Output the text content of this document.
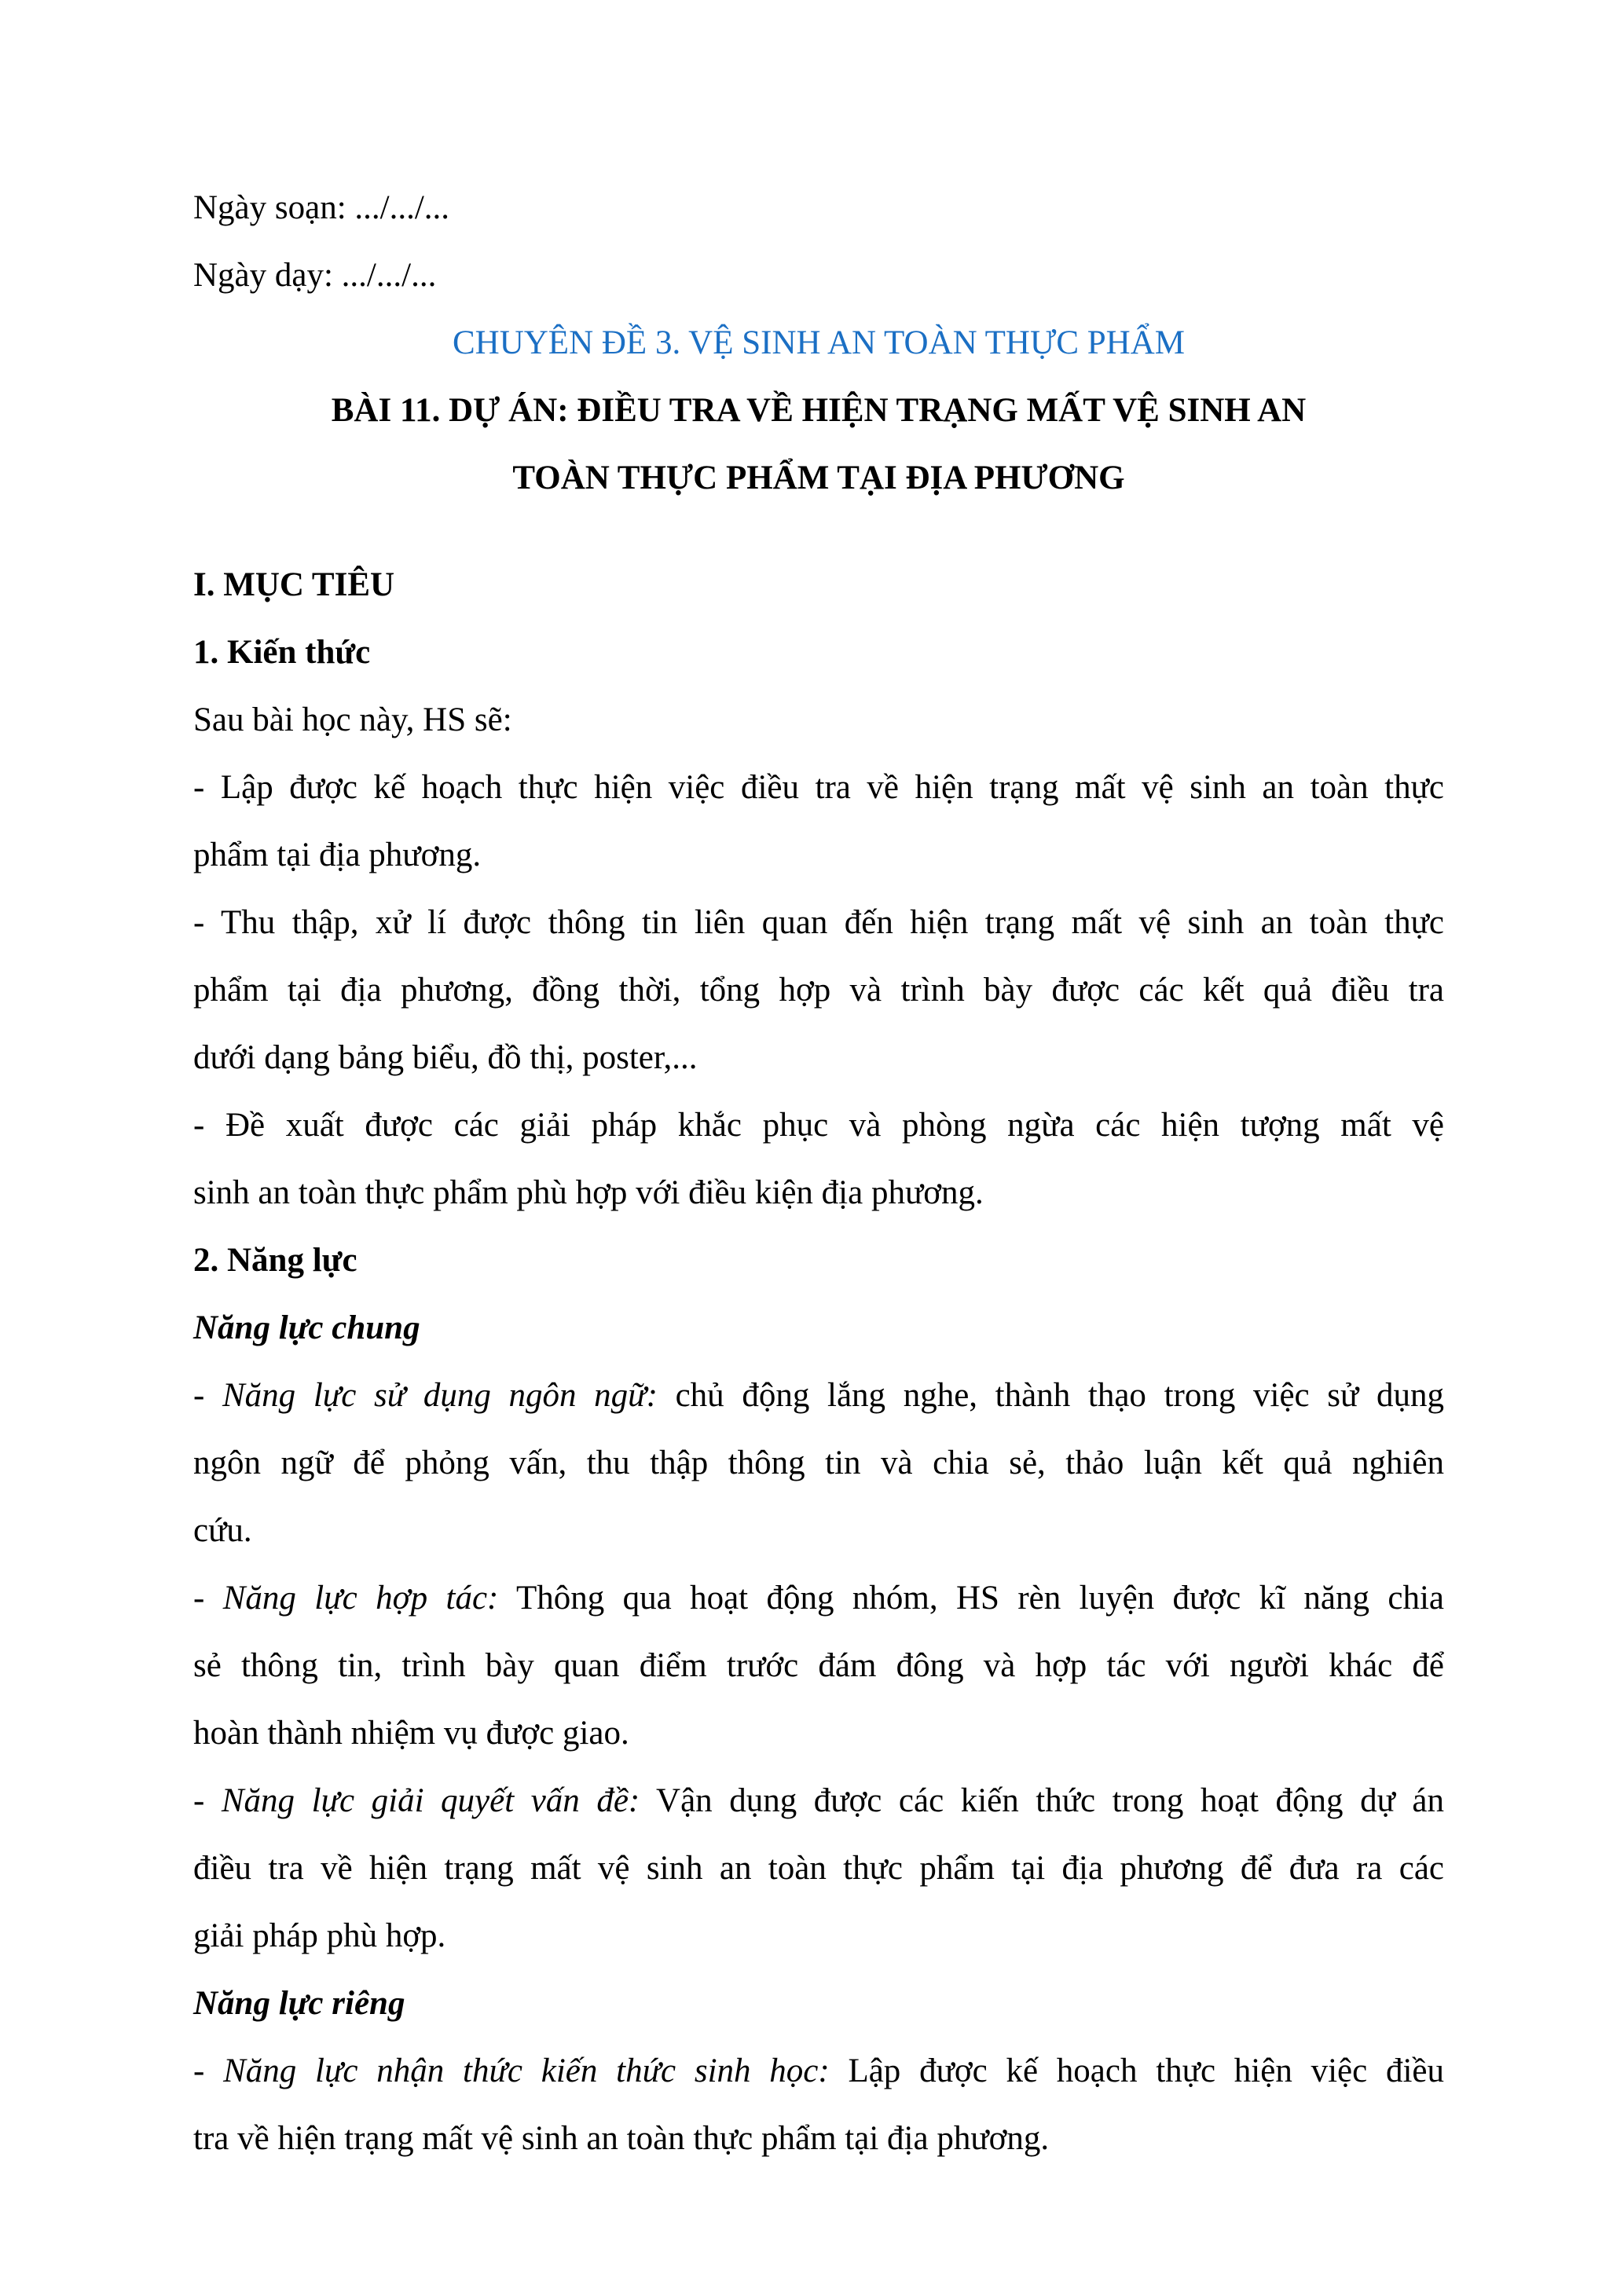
Ngày soạn: .../.../...
Ngày dạy: .../.../...
CHUYÊN ĐỀ 3. VỆ SINH AN TOÀN THỰC PHẨM
BÀI 11. DỰ ÁN: ĐIỀU TRA VỀ HIỆN TRẠNG MẤT VỆ SINH AN
TOÀN THỰC PHẨM TẠI ĐỊA PHƯƠNG
I. MỤC TIÊU
1. Kiến thức
Sau bài học này, HS sẽ:
- Lập được kế hoạch thực hiện việc điều tra về hiện trạng mất vệ sinh an toàn thực
phẩm tại địa phương.
- Thu thập, xử lí được thông tin liên quan đến hiện trạng mất vệ sinh an toàn thực
phẩm tại địa phương, đồng thời, tổng hợp và trình bày được các kết quả điều tra
dưới dạng bảng biểu, đồ thị, poster,...
- Đề xuất được các giải pháp khắc phục và phòng ngừa các hiện tượng mất vệ
sinh an toàn thực phẩm phù hợp với điều kiện địa phương.
2. Năng lực
Năng lực chung
- Năng lực sử dụng ngôn ngữ: chủ động lắng nghe, thành thạo trong việc sử dụng
ngôn ngữ để phỏng vấn, thu thập thông tin và chia sẻ, thảo luận kết quả nghiên
cứu.
- Năng lực hợp tác: Thông qua hoạt động nhóm, HS rèn luyện được kĩ năng chia
sẻ thông tin, trình bày quan điểm trước đám đông và hợp tác với người khác để
hoàn thành nhiệm vụ được giao.
- Năng lực giải quyết vấn đề: Vận dụng được các kiến thức trong hoạt động dự án
điều tra về hiện trạng mất vệ sinh an toàn thực phẩm tại địa phương để đưa ra các
giải pháp phù hợp.
Năng lực riêng
- Năng lực nhận thức kiến thức sinh học: Lập được kế hoạch thực hiện việc điều
tra về hiện trạng mất vệ sinh an toàn thực phẩm tại địa phương.
